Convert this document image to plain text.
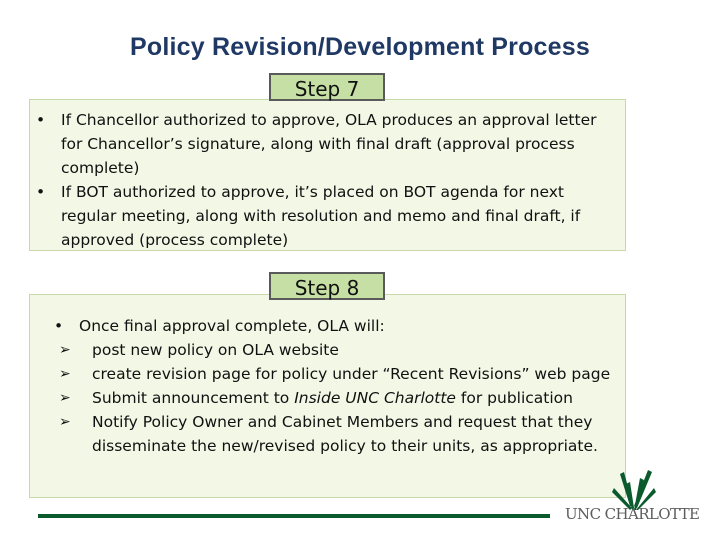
Policy Revision/Development Process
• If Chancellor authorized to approve, OLA produces an approval letter for Chancellor’s signature, along with final draft (approval process complete)
• If BOT authorized to approve, it’s placed on BOT agenda for next regular meeting, along with resolution and memo and final draft, if approved (process complete)
Step 7
• Once final approval complete, OLA will:
➢ post new policy on OLA website
➢ create revision page for policy under “Recent Revisions” web page
➢ Submit announcement to Inside UNC Charlotte for publication
➢ Notify Policy Owner and Cabinet Members and request that they disseminate the new/revised policy to their units, as appropriate.
Step 8
UNC CHARLOTTE
